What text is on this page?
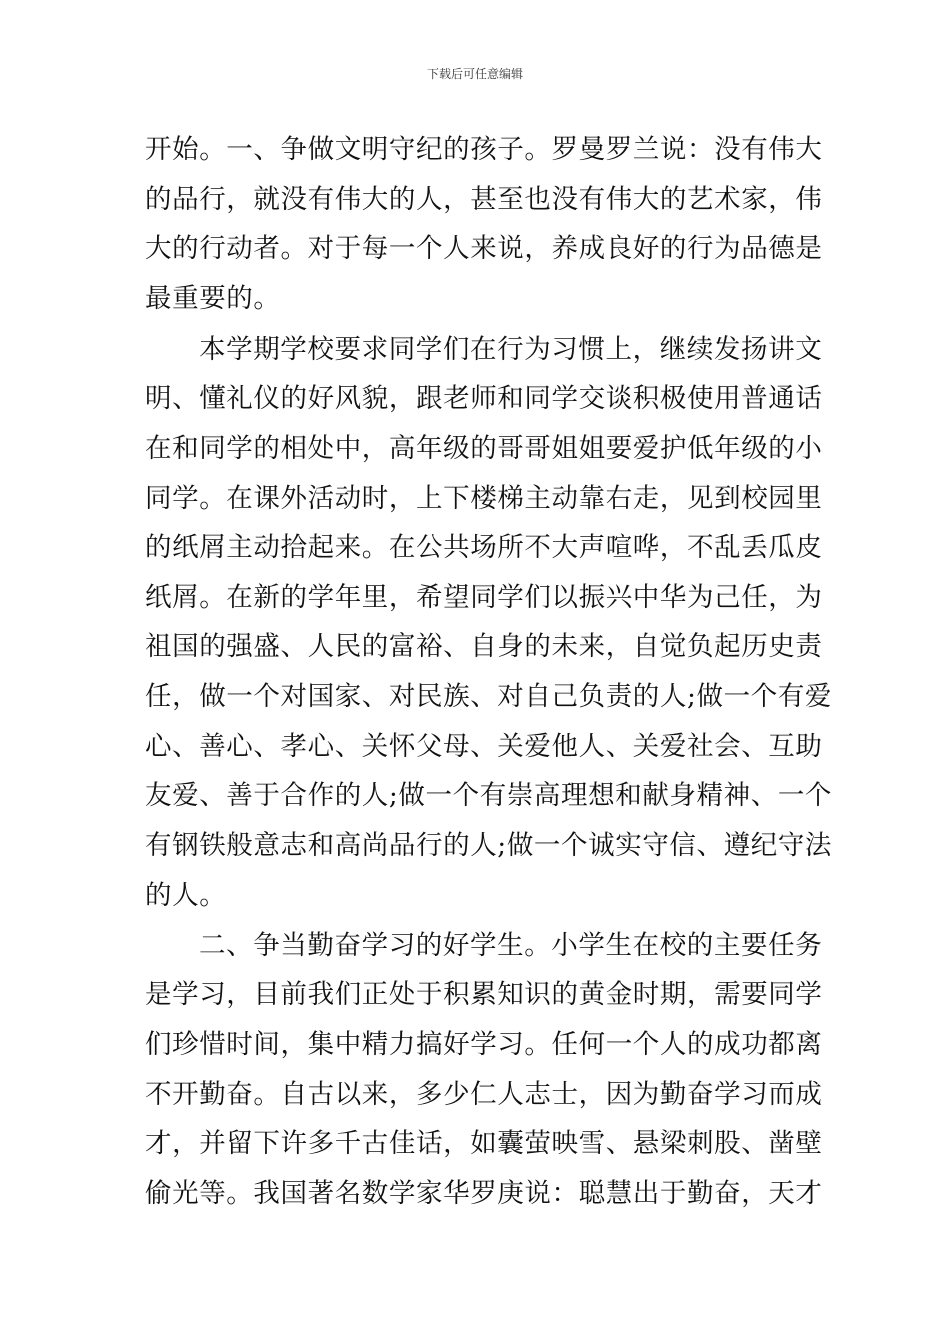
下载后可任意编辑
开始。一、争做文明守纪的孩子。罗曼罗兰说：没有伟大
的品行，就没有伟大的人，甚至也没有伟大的艺术家，伟
大的行动者。对于每一个人来说，养成良好的行为品德是
最重要的。
本学期学校要求同学们在行为习惯上，继续发扬讲文
明、懂礼仪的好风貌，跟老师和同学交谈积极使用普通话
在和同学的相处中，高年级的哥哥姐姐要爱护低年级的小
同学。在课外活动时，上下楼梯主动靠右走，见到校园里
的纸屑主动拾起来。在公共场所不大声喧哗，不乱丢瓜皮
纸屑。在新的学年里，希望同学们以振兴中华为己任，为
祖国的强盛、人民的富裕、自身的未来，自觉负起历史责
任，做一个对国家、对民族、对自己负责的人;做一个有爱
心、善心、孝心、关怀父母、关爱他人、关爱社会、互助
友爱、善于合作的人;做一个有崇高理想和献身精神、一个
有钢铁般意志和高尚品行的人;做一个诚实守信、遵纪守法
的人。
二、争当勤奋学习的好学生。小学生在校的主要任务
是学习，目前我们正处于积累知识的黄金时期，需要同学
们珍惜时间，集中精力搞好学习。任何一个人的成功都离
不开勤奋。自古以来，多少仁人志士，因为勤奋学习而成
才，并留下许多千古佳话，如囊萤映雪、悬梁刺股、凿壁
偷光等。我国著名数学家华罗庚说：聪慧出于勤奋，天才
